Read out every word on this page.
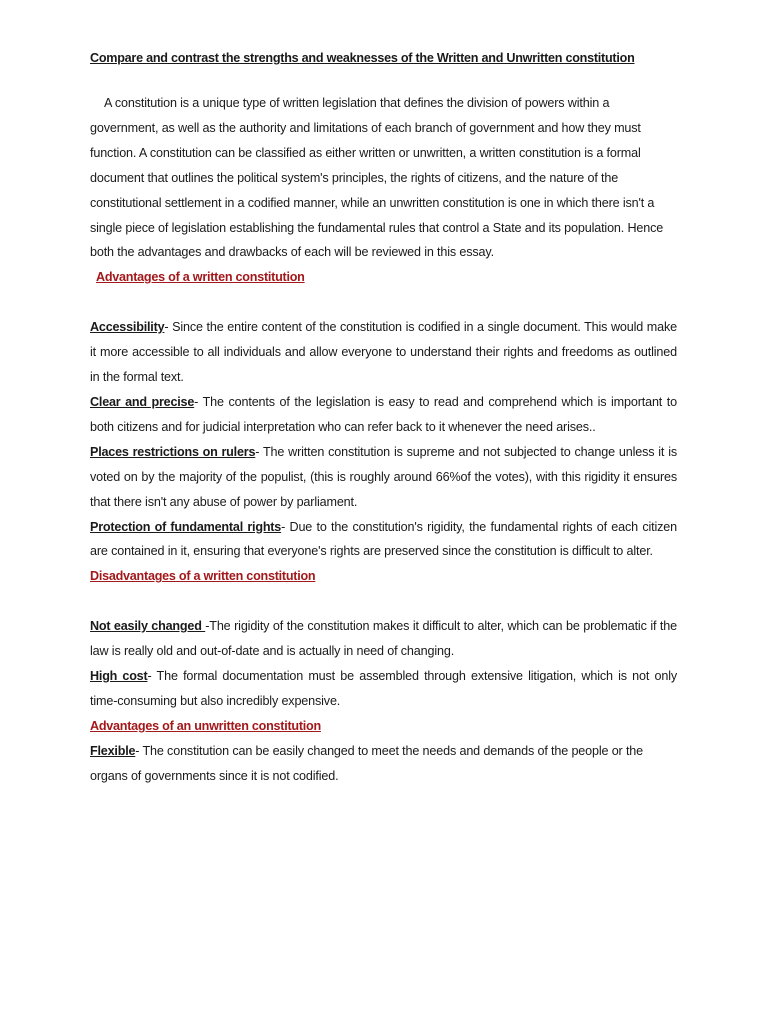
Compare and contrast the strengths and weaknesses of the Written and Unwritten constitution

A constitution is a unique type of written legislation that defines the division of powers within a government, as well as the authority and limitations of each branch of government and how they must function. A constitution can be classified as either written or unwritten, a written constitution is a formal document that outlines the political system's principles, the rights of citizens, and the nature of the constitutional settlement in a codified manner, while an unwritten constitution is one in which there isn't a single piece of legislation establishing the fundamental rules that control a State and its population. Hence both the advantages and drawbacks of each will be reviewed in this essay.

Advantages of a written constitution

Accessibility- Since the entire content of the constitution is codified in a single document. This would make it more accessible to all individuals and allow everyone to understand their rights and freedoms as outlined in the formal text.

Clear and precise- The contents of the legislation is easy to read and comprehend which is important to both citizens and for judicial interpretation who can refer back to it whenever the need arises..

Places restrictions on rulers- The written constitution is supreme and not subjected to change unless it is voted on by the majority of the populist, (this is roughly around 66%of the votes), with this rigidity it ensures that there isn't any abuse of power by parliament.

Protection of fundamental rights- Due to the constitution's rigidity, the fundamental rights of each citizen are contained in it, ensuring that everyone's rights are preserved since the constitution is difficult to alter.

Disadvantages of a written constitution

Not easily changed -The rigidity of the constitution makes it difficult to alter, which can be problematic if the law is really old and out-of-date and is actually in need of changing.

High cost- The formal documentation must be assembled through extensive litigation, which is not only time-consuming but also incredibly expensive.

Advantages of an unwritten constitution

Flexible- The constitution can be easily changed to meet the needs and demands of the people or the organs of governments since it is not codified.
